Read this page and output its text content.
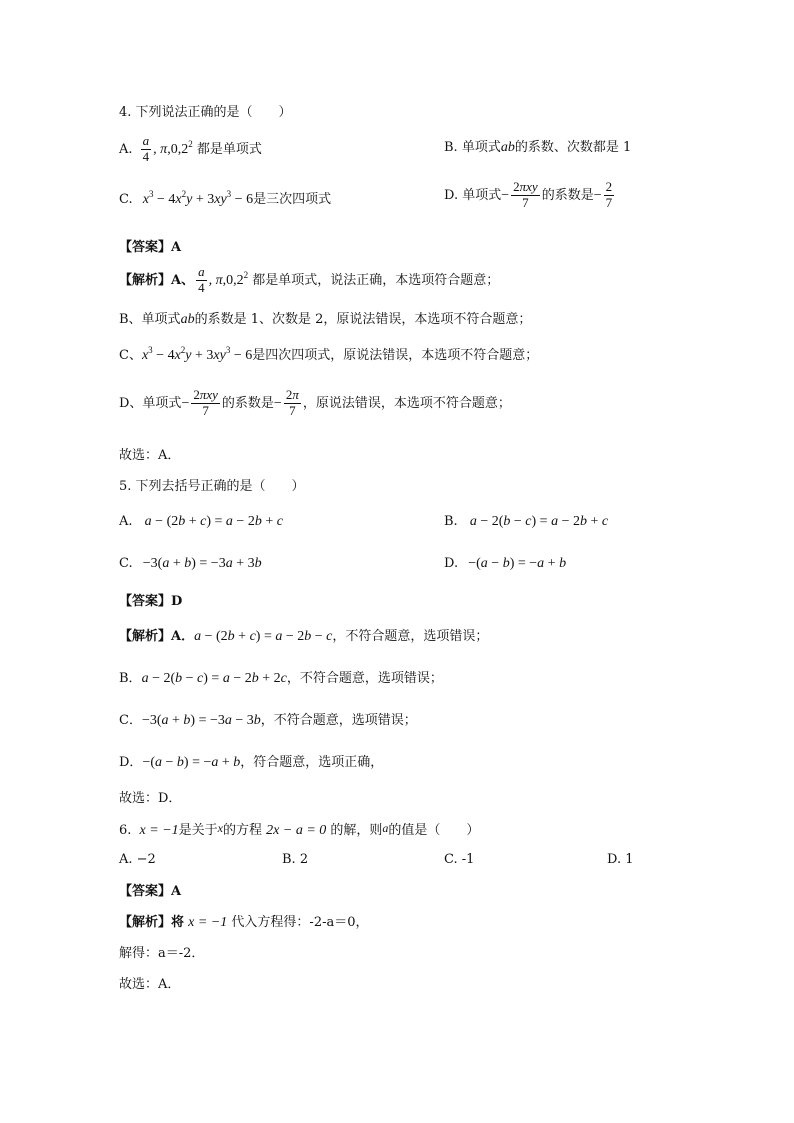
4. 下列说法正确的是（　　）
A. $\frac{a}{4}$ , π,0,2$^2$ 都是单项式	B. 单项式ab的系数、次数都是 1
C. $x^3 - 4x^2y + 3xy^3 - 6$是三次四项式	D. 单项式− $\frac{\text{2πxy}}{7}$ 的系数是− $\frac{2}{7}$
【答案】A
【解析】A、 $\frac{a}{4}$ , π,0,2$^2$ 都是单项式，说法正确，本选项符合题意；
B、单项式ab的系数是 1、次数是 2，原说法错误，本选项不符合题意；
C、$x^3 - 4x^2y + 3xy^3 - 6$是四次四项式，原说法错误，本选项不符合题意；
D、单项式− $\frac{\text{2πxy}}{7}$ 的系数是− $\frac{2\pi}{7}$ ，原说法错误，本选项不符合题意；
故选：A．
5. 下列去括号正确的是（　　）
A. a − (2b + c) = a − 2b + c	B. a − 2(b − c) = a − 2b + c
C. −3(a + b) = −3a + 3b	D. −(a − b) = −a + b
【答案】D
【解析】A．a − (2b + c) = a − 2b − c，不符合题意，选项错误；
B．a − 2(b − c) = a − 2b + 2c，不符合题意，选项错误；
C．−3(a + b) = −3a − 3b，不符合题意，选项错误；
D．−(a − b) = −a + b，符合题意，选项正确，
故选：D．
6. x = −1是关于x的方程 2x − a = 0 的解，则a的值是（　　）
A. −2	B. 2	C. -1	D. 1
【答案】A
【解析】将 x = −1 代入方程得：-2-a＝0，
解得：a＝-2．
故选：A．
